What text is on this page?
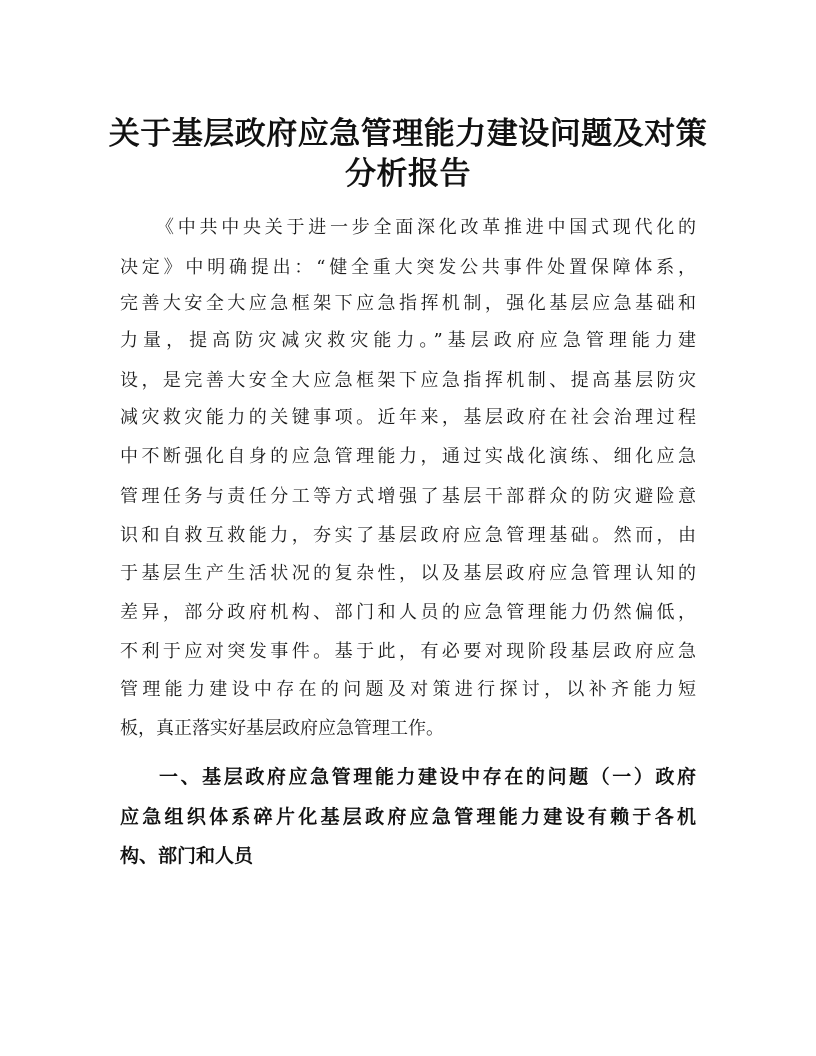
关于基层政府应急管理能力建设问题及对策
分析报告
《中共中央关于进一步全面深化改革推进中国式现代化的
决定》中明确提出：“健全重大突发公共事件处置保障体系，
完善大安全大应急框架下应急指挥机制，强化基层应急基础和
力量，提高防灾减灾救灾能力。”基层政府应急管理能力建
设，是完善大安全大应急框架下应急指挥机制、提高基层防灾
减灾救灾能力的关键事项。近年来，基层政府在社会治理过程
中不断强化自身的应急管理能力，通过实战化演练、细化应急
管理任务与责任分工等方式增强了基层干部群众的防灾避险意
识和自救互救能力，夯实了基层政府应急管理基础。然而，由
于基层生产生活状况的复杂性，以及基层政府应急管理认知的
差异，部分政府机构、部门和人员的应急管理能力仍然偏低，
不利于应对突发事件。基于此，有必要对现阶段基层政府应急
管理能力建设中存在的问题及对策进行探讨，以补齐能力短
板，真正落实好基层政府应急管理工作。
一、基层政府应急管理能力建设中存在的问题（一）政府
应急组织体系碎片化基层政府应急管理能力建设有赖于各机
构、部门和人员
